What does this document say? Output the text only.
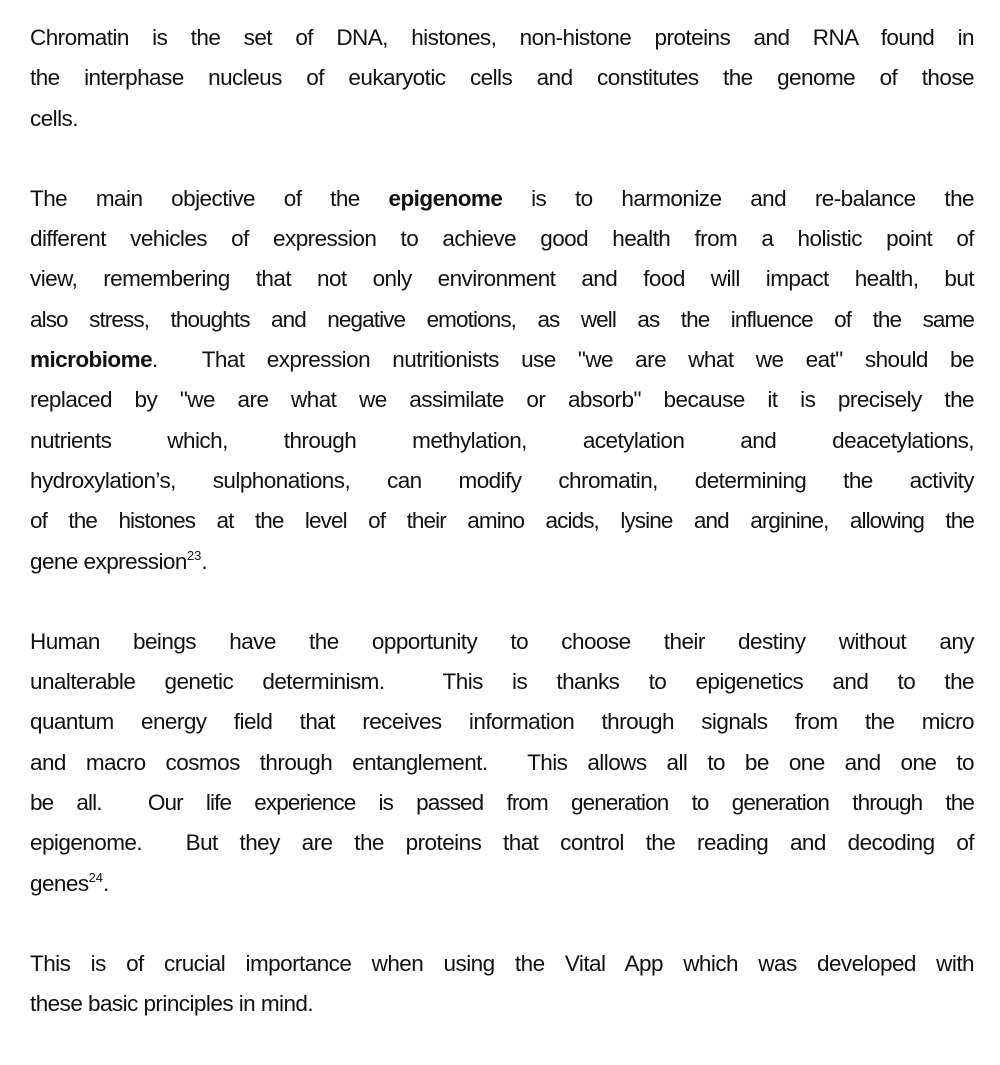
Chromatin is the set of DNA, histones, non-histone proteins and RNA found in
the interphase nucleus of eukaryotic cells and constitutes the genome of those
cells.

The main objective of the epigenome is to harmonize and re-balance the
different vehicles of expression to achieve good health from a holistic point of
view, remembering that not only environment and food will impact health, but
also stress, thoughts and negative emotions, as well as the influence of the same
microbiome.  That expression nutritionists use "we are what we eat" should be
replaced by "we are what we assimilate or absorb" because it is precisely the
nutrients which, through methylation, acetylation and deacetylations,
hydroxylation’s, sulphonations, can modify chromatin, determining the activity
of the histones at the level of their amino acids, lysine and arginine, allowing the
gene expression$^{23}$.

Human beings have the opportunity to choose their destiny without any
unalterable genetic determinism.  This is thanks to epigenetics and to the
quantum energy field that receives information through signals from the micro
and macro cosmos through entanglement.  This allows all to be one and one to
be all.  Our life experience is passed from generation to generation through the
epigenome.  But they are the proteins that control the reading and decoding of
genes$^{24}$.

This is of crucial importance when using the Vital App which was developed with
these basic principles in mind.
